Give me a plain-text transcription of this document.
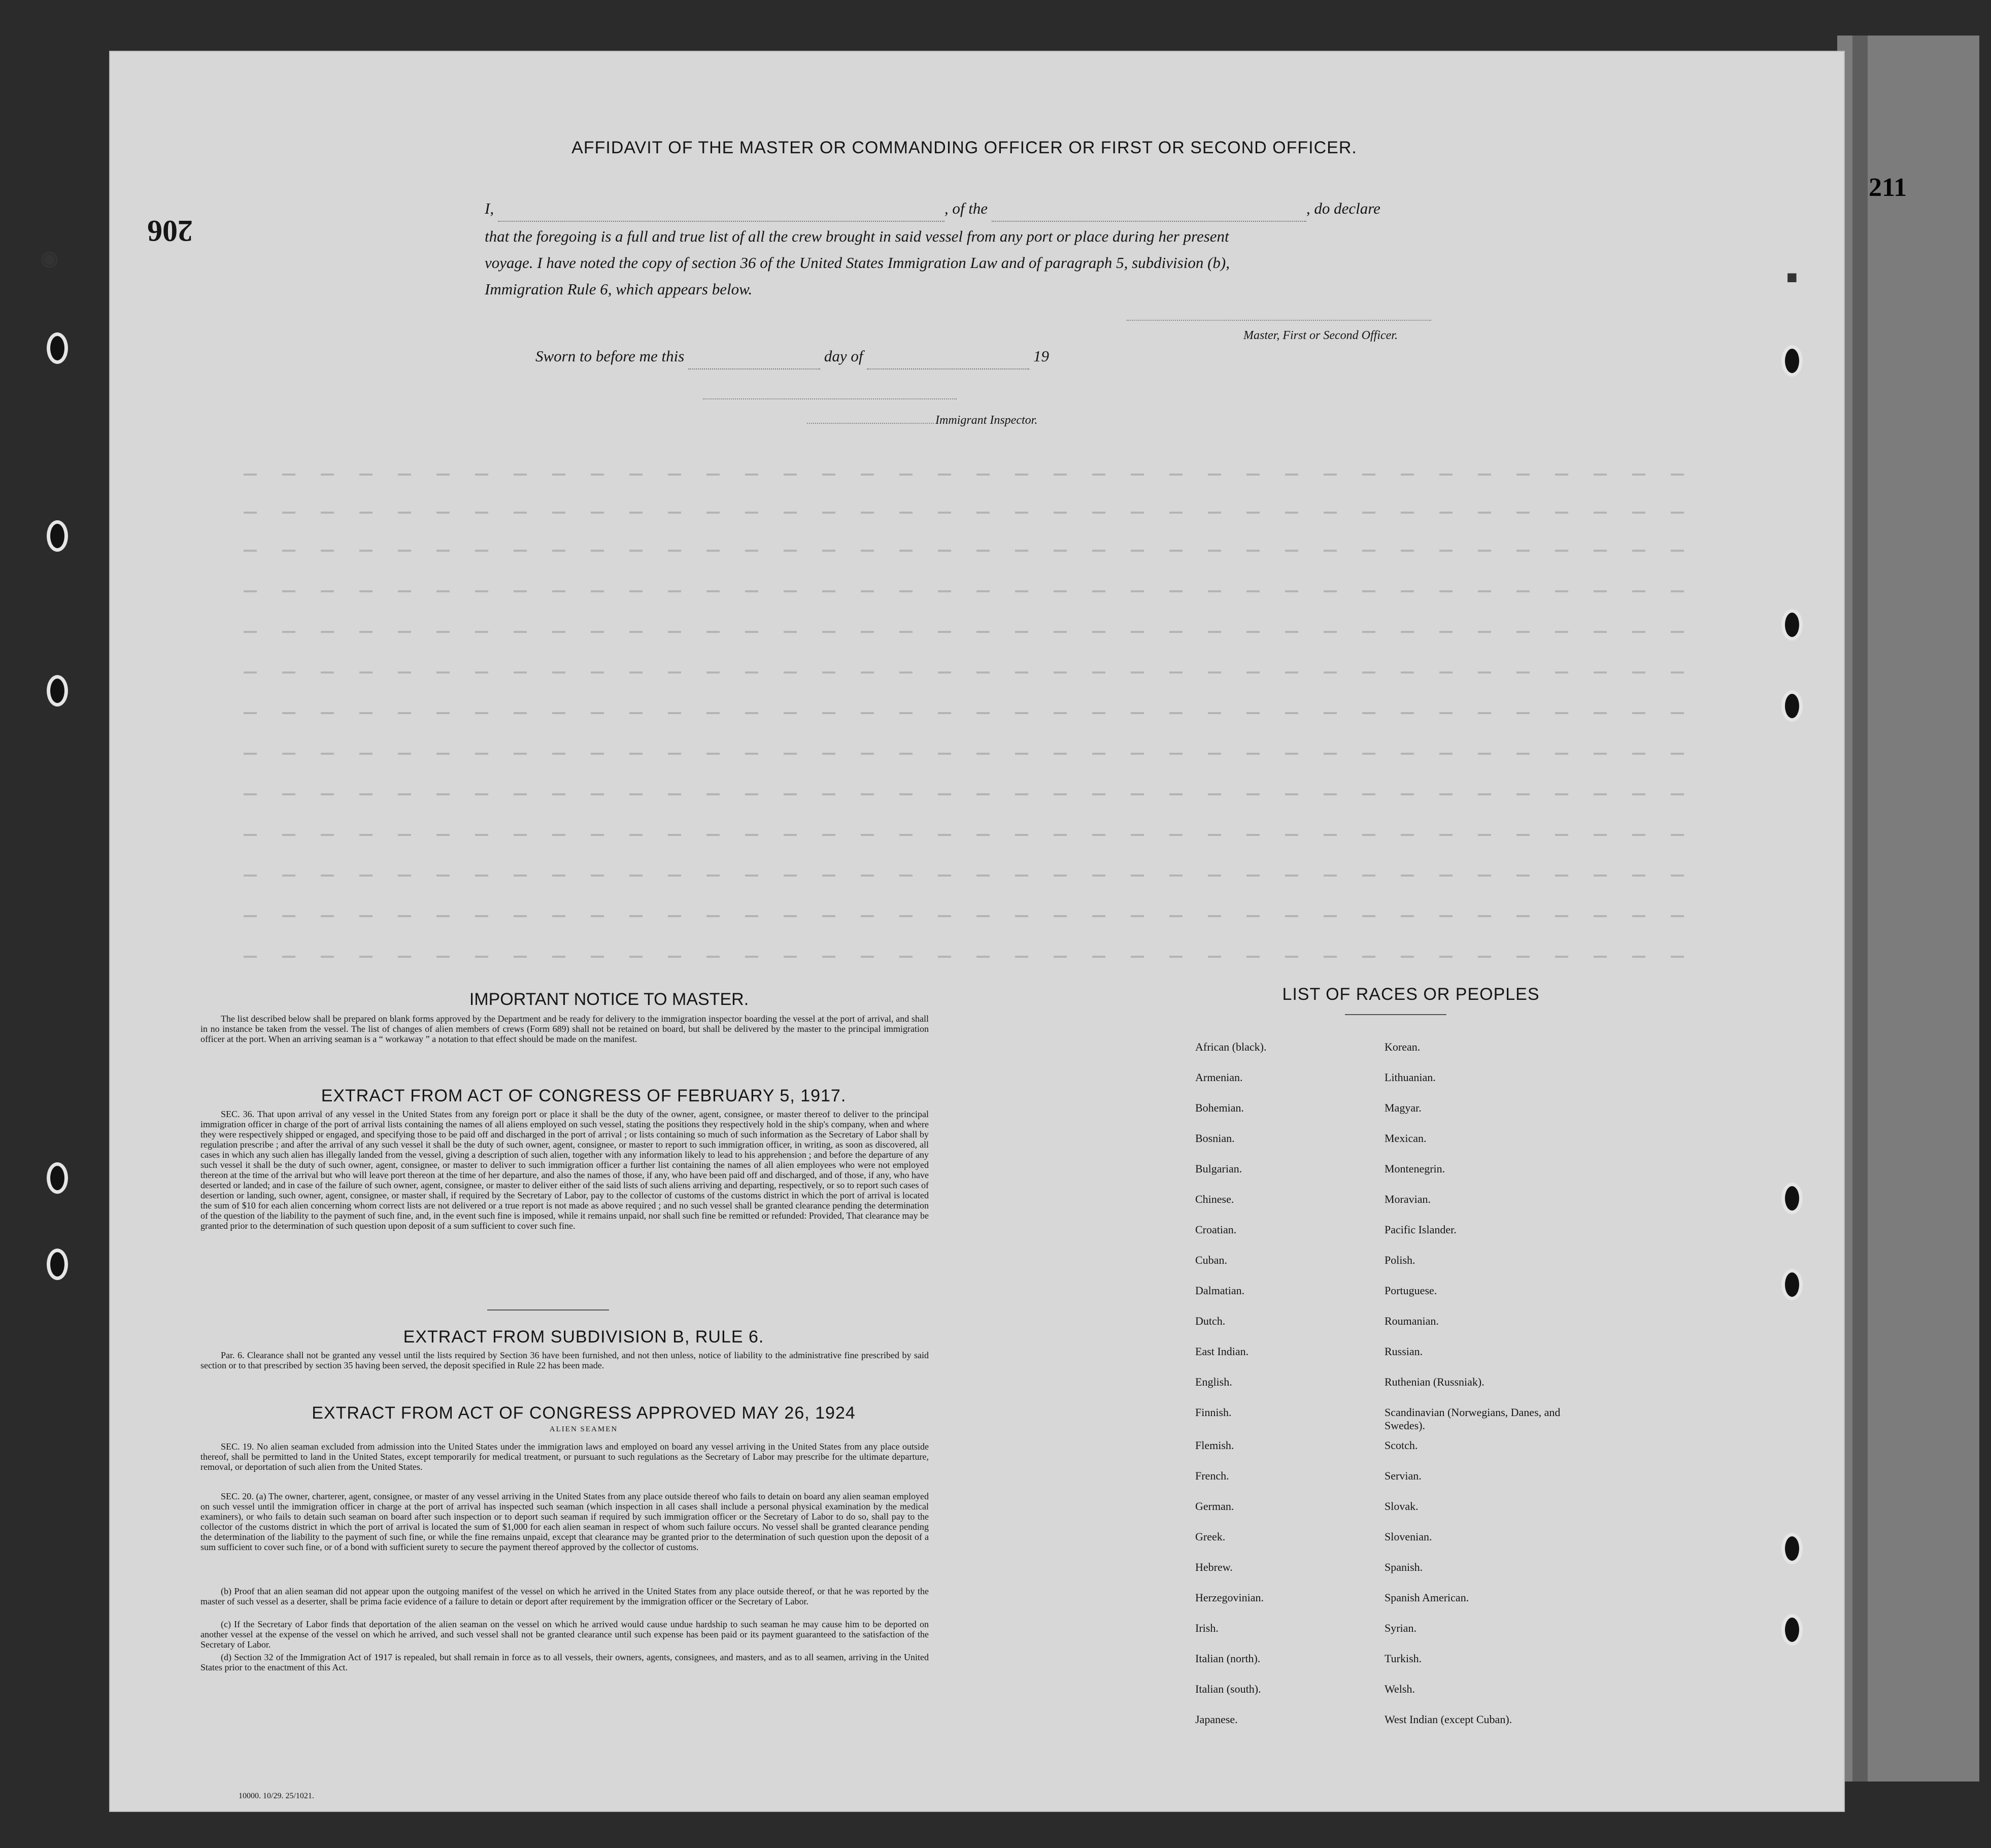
◉
■
206
211
AFFIDAVIT OF THE MASTER OR COMMANDING OFFICER OR FIRST OR SECOND OFFICER.
I,	, of the	, do declare
that the foregoing is a full and true list of all the crew brought in said vessel from any port or place during her present
voyage. I have noted the copy of section 36 of the United States Immigration Law and of paragraph 5, subdivision (b),
Immigration Rule 6, which appears below.
Master, First or Second Officer.
Sworn to before me this	day of	19
Immigrant Inspector.
IMPORTANT NOTICE TO MASTER.
The list described below shall be prepared on blank forms approved by the Department and be ready for delivery to the immigration inspector boarding the vessel at the port of arrival, and shall in no instance be taken from the vessel. The list of changes of alien members of crews (Form 689) shall not be retained on board, but shall be delivered by the master to the principal immigration officer at the port. When an arriving seaman is a “ workaway ” a notation to that effect should be made on the manifest.
EXTRACT FROM ACT OF CONGRESS OF FEBRUARY 5, 1917.
SEC. 36. That upon arrival of any vessel in the United States from any foreign port or place it shall be the duty of the owner, agent, consignee, or master thereof to deliver to the principal immigration officer in charge of the port of arrival lists containing the names of all aliens employed on such vessel, stating the positions they respectively hold in the ship's company, when and where they were respectively shipped or engaged, and specifying those to be paid off and discharged in the port of arrival ; or lists containing so much of such information as the Secretary of Labor shall by regulation prescribe ; and after the arrival of any such vessel it shall be the duty of such owner, agent, consignee, or master to report to such immigration officer, in writing, as soon as discovered, all cases in which any such alien has illegally landed from the vessel, giving a description of such alien, together with any information likely to lead to his apprehension ; and before the departure of any such vessel it shall be the duty of such owner, agent, consignee, or master to deliver to such immigration officer a further list containing the names of all alien employees who were not employed thereon at the time of the arrival but who will leave port thereon at the time of her departure, and also the names of those, if any, who have been paid off and discharged, and of those, if any, who have deserted or landed; and in case of the failure of such owner, agent, consignee, or master to deliver either of the said lists of such aliens arriving and departing, respectively, or so to report such cases of desertion or landing, such owner, agent, consignee, or master shall, if required by the Secretary of Labor, pay to the collector of customs of the customs district in which the port of arrival is located the sum of $10 for each alien concerning whom correct lists are not delivered or a true report is not made as above required ; and no such vessel shall be granted clearance pending the determination of the question of the liability to the payment of such fine, and, in the event such fine is imposed, while it remains unpaid, nor shall such fine be remitted or refunded: Provided, That clearance may be granted prior to the determination of such question upon deposit of a sum sufficient to cover such fine.
EXTRACT FROM SUBDIVISION B, RULE 6.
Par. 6. Clearance shall not be granted any vessel until the lists required by Section 36 have been furnished, and not then unless, notice of liability to the administrative fine prescribed by said section or to that prescribed by section 35 having been served, the deposit specified in Rule 22 has been made.
EXTRACT FROM ACT OF CONGRESS APPROVED MAY 26, 1924
ALIEN SEAMEN
SEC. 19. No alien seaman excluded from admission into the United States under the immigration laws and employed on board any vessel arriving in the United States from any place outside thereof, shall be permitted to land in the United States, except temporarily for medical treatment, or pursuant to such regulations as the Secretary of Labor may prescribe for the ultimate departure, removal, or deportation of such alien from the United States.
SEC. 20. (a) The owner, charterer, agent, consignee, or master of any vessel arriving in the United States from any place outside thereof who fails to detain on board any alien seaman employed on such vessel until the immigration officer in charge at the port of arrival has inspected such seaman (which inspection in all cases shall include a personal physical examination by the medical examiners), or who fails to detain such seaman on board after such inspection or to deport such seaman if required by such immigration officer or the Secretary of Labor to do so, shall pay to the collector of the customs district in which the port of arrival is located the sum of $1,000 for each alien seaman in respect of whom such failure occurs. No vessel shall be granted clearance pending the determination of the liability to the payment of such fine, or while the fine remains unpaid, except that clearance may be granted prior to the determination of such question upon the deposit of a sum sufficient to cover such fine, or of a bond with sufficient surety to secure the payment thereof approved by the collector of customs.
(b) Proof that an alien seaman did not appear upon the outgoing manifest of the vessel on which he arrived in the United States from any place outside thereof, or that he was reported by the master of such vessel as a deserter, shall be prima facie evidence of a failure to detain or deport after requirement by the immigration officer or the Secretary of Labor.
(c) If the Secretary of Labor finds that deportation of the alien seaman on the vessel on which he arrived would cause undue hardship to such seaman he may cause him to be deported on another vessel at the expense of the vessel on which he arrived, and such vessel shall not be granted clearance until such expense has been paid or its payment guaranteed to the satisfaction of the Secretary of Labor.
(d) Section 32 of the Immigration Act of 1917 is repealed, but shall remain in force as to all vessels, their owners, agents, consignees, and masters, and as to all seamen, arriving in the United States prior to the enactment of this Act.
LIST OF RACES OR PEOPLES
African (black).
Armenian.
Bohemian.
Bosnian.
Bulgarian.
Chinese.
Croatian.
Cuban.
Dalmatian.
Dutch.
East Indian.
English.
Finnish.
Flemish.
French.
German.
Greek.
Hebrew.
Herzegovinian.
Irish.
Italian (north).
Italian (south).
Japanese.
Korean.
Lithuanian.
Magyar.
Mexican.
Montenegrin.
Moravian.
Pacific Islander.
Polish.
Portuguese.
Roumanian.
Russian.
Ruthenian (Russniak).
Scandinavian (Norwegians, Danes, and Swedes).
Scotch.
Servian.
Slovak.
Slovenian.
Spanish.
Spanish American.
Syrian.
Turkish.
Welsh.
West Indian (except Cuban).
10000. 10/29. 25/1021.
